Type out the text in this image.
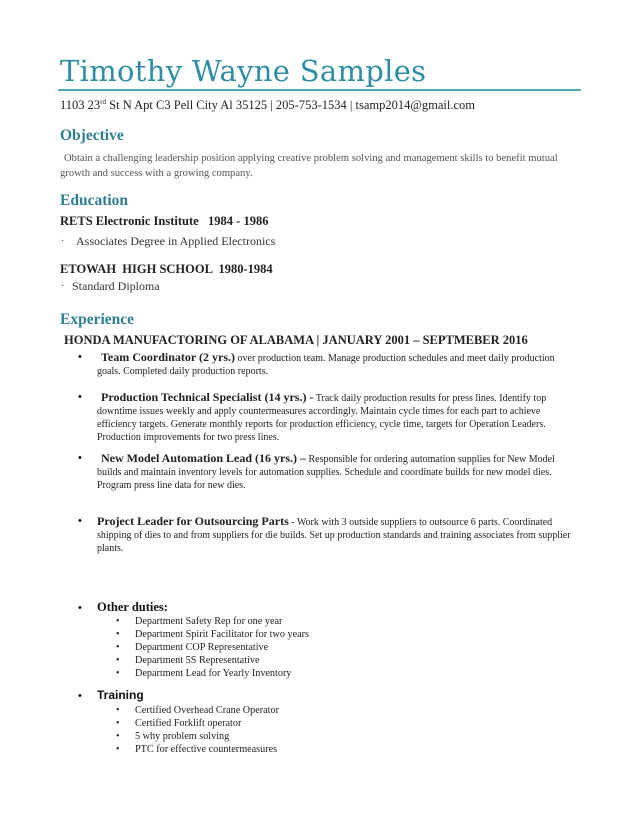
Timothy Wayne Samples
1103 23rd St N Apt C3 Pell City Al 35125 | 205-753-1534 | tsamp2014@gmail.com
Objective
Obtain a challenging leadership position applying creative problem solving and management skills to benefit mutual growth and success with a growing company.
Education
RETS Electronic Institute   1984 - 1986
· Associates Degree in Applied Electronics
ETOWAH  HIGH SCHOOL  1980-1984
· Standard Diploma
Experience
HONDA MANUFACTORING OF ALABAMA | JANUARY 2001 – SEPTMEBER 2016
•	Team Coordinator (2 yrs.) over production team. Manage production schedules and meet daily production goals. Completed daily production reports.
•	Production Technical Specialist (14 yrs.) - Track daily production results for press lines. Identify top downtime issues weekly and apply countermeasures accordingly. Maintain cycle times for each part to achieve efficiency targets. Generate monthly reports for production efficiency, cycle time, targets for Operation Leaders. Production improvements for two press lines.
•	New Model Automation Lead (16 yrs.) – Responsible for ordering automation supplies for New Model builds and maintain inventory levels for automation supplies. Schedule and coordinate builds for new model dies. Program press line data for new dies.
• Project Leader for Outsourcing Parts - Work with 3 outside suppliers to outsource 6 parts. Coordinated shipping of dies to and from suppliers for die builds. Set up production standards and training associates from supplier plants.
• Other duties:
• Department Safety Rep for one year
• Department Spirit Facilitator for two years
• Department COP Representative
• Department 5S Representative
• Department Lead for Yearly Inventory
• Training
• Certified Overhead Crane Operator
• Certified Forklift operator
• 5 why problem solving
• PTC for effective countermeasures
